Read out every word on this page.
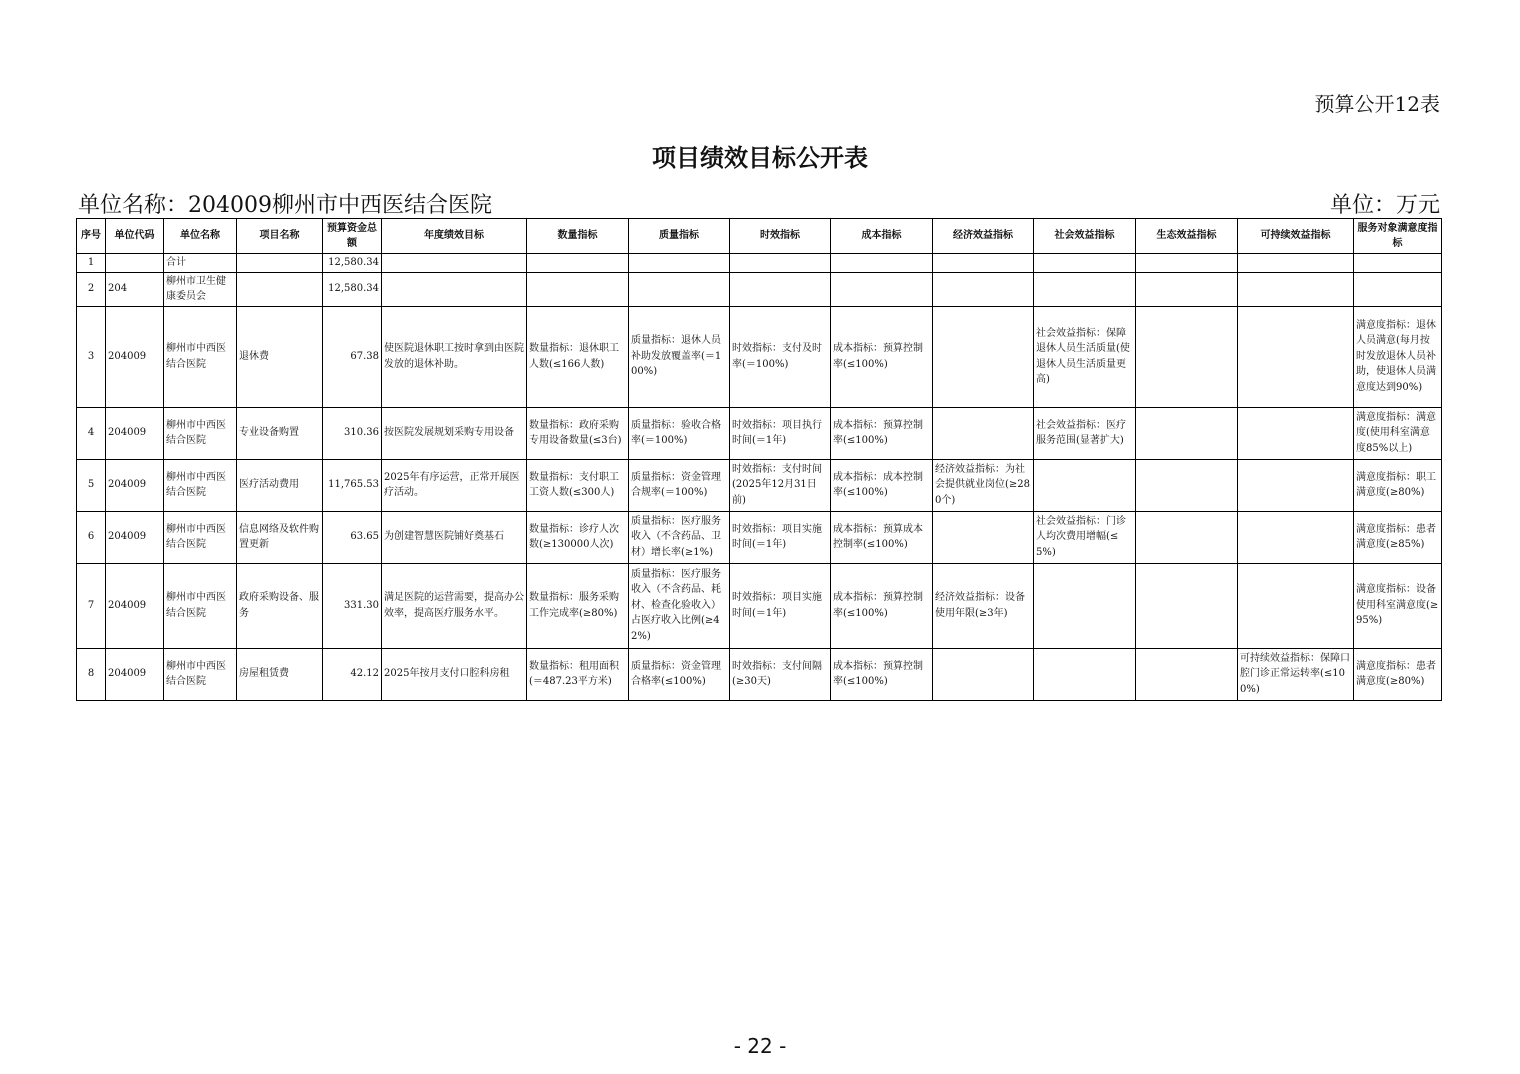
预算公开12表
项目绩效目标公开表
单位名称：204009柳州市中西医结合医院	单位：万元
序号	单位代码	单位名称	项目名称	预算资金总额	年度绩效目标	数量指标	质量指标	时效指标	成本指标	经济效益指标	社会效益指标	生态效益指标	可持续效益指标	服务对象满意度指标
1		合计		12,580.34										
2	204	柳州市卫生健康委员会		12,580.34										
3	204009	柳州市中西医结合医院	退休费	67.38	使医院退休职工按时拿到由医院发放的退休补助。	数量指标：退休职工人数(≤166人数)	质量指标：退休人员补助发放覆盖率(＝100%)	时效指标：支付及时率(＝100%)	成本指标：预算控制率(≤100%)		社会效益指标：保障退休人员生活质量(使退休人员生活质量更高)			满意度指标：退休人员满意(每月按时发放退休人员补助，使退休人员满意度达到90%)
4	204009	柳州市中西医结合医院	专业设备购置	310.36	按医院发展规划采购专用设备	数量指标：政府采购专用设备数量(≤3台)	质量指标：验收合格率(＝100%)	时效指标：项目执行时间(＝1年)	成本指标：预算控制率(≤100%)		社会效益指标：医疗服务范围(显著扩大)			满意度指标：满意度(使用科室满意度85%以上)
5	204009	柳州市中西医结合医院	医疗活动费用	11,765.53	2025年有序运营，正常开展医疗活动。	数量指标：支付职工工资人数(≤300人)	质量指标：资金管理合规率(＝100%)	时效指标：支付时间(2025年12月31日前)	成本指标：成本控制率(≤100%)	经济效益指标：为社会提供就业岗位(≥280个)				满意度指标：职工满意度(≥80%)
6	204009	柳州市中西医结合医院	信息网络及软件购置更新	63.65	为创建智慧医院铺好奠基石	数量指标：诊疗人次数(≥130000人次)	质量指标：医疗服务收入（不含药品、卫材）增长率(≥1%)	时效指标：项目实施时间(＝1年)	成本指标：预算成本控制率(≤100%)		社会效益指标：门诊人均次费用增幅(≤5%)			满意度指标：患者满意度(≥85%)
7	204009	柳州市中西医结合医院	政府采购设备、服务	331.30	满足医院的运营需要，提高办公效率，提高医疗服务水平。	数量指标：服务采购工作完成率(≥80%)	质量指标：医疗服务收入（不含药品、耗材、检查化验收入）占医疗收入比例(≥42%)	时效指标：项目实施时间(＝1年)	成本指标：预算控制率(≤100%)	经济效益指标：设备使用年限(≥3年)				满意度指标：设备使用科室满意度(≥95%)
8	204009	柳州市中西医结合医院	房屋租赁费	42.12	2025年按月支付口腔科房租	数量指标：租用面积(＝487.23平方米)	质量指标：资金管理合格率(≤100%)	时效指标：支付间隔(≥30天)	成本指标：预算控制率(≤100%)				可持续效益指标：保障口腔门诊正常运转率(≤100%)	满意度指标：患者满意度(≥80%)
- 22 -
